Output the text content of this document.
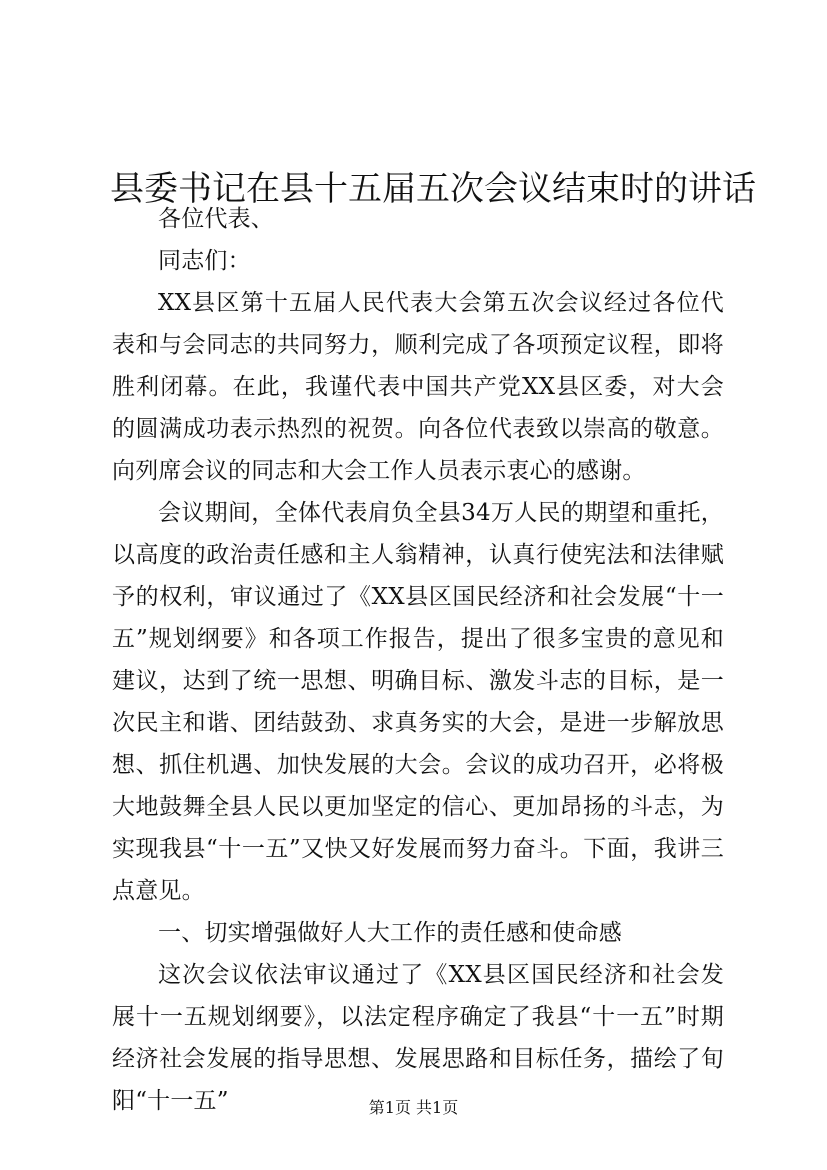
县委书记在县十五届五次会议结束时的讲话

各位代表、

同志们：

XX县区第十五届人民代表大会第五次会议经过各位代表和与会同志的共同努力，顺利完成了各项预定议程，即将胜利闭幕。在此，我谨代表中国共产党XX县区委，对大会的圆满成功表示热烈的祝贺。向各位代表致以崇高的敬意。向列席会议的同志和大会工作人员表示衷心的感谢。

会议期间，全体代表肩负全县34万人民的期望和重托，以高度的政治责任感和主人翁精神，认真行使宪法和法律赋予的权利，审议通过了《XX县区国民经济和社会发展“十一五”规划纲要》和各项工作报告，提出了很多宝贵的意见和建议，达到了统一思想、明确目标、激发斗志的目标，是一次民主和谐、团结鼓劲、求真务实的大会，是进一步解放思想、抓住机遇、加快发展的大会。会议的成功召开，必将极大地鼓舞全县人民以更加坚定的信心、更加昂扬的斗志，为实现我县“十一五”又快又好发展而努力奋斗。下面，我讲三点意见。

一、切实增强做好人大工作的责任感和使命感

这次会议依法审议通过了《XX县区国民经济和社会发展十一五规划纲要》，以法定程序确定了我县“十一五”时期经济社会发展的指导思想、发展思路和目标任务，描绘了旬阳“十一五”	第1页 共1页
